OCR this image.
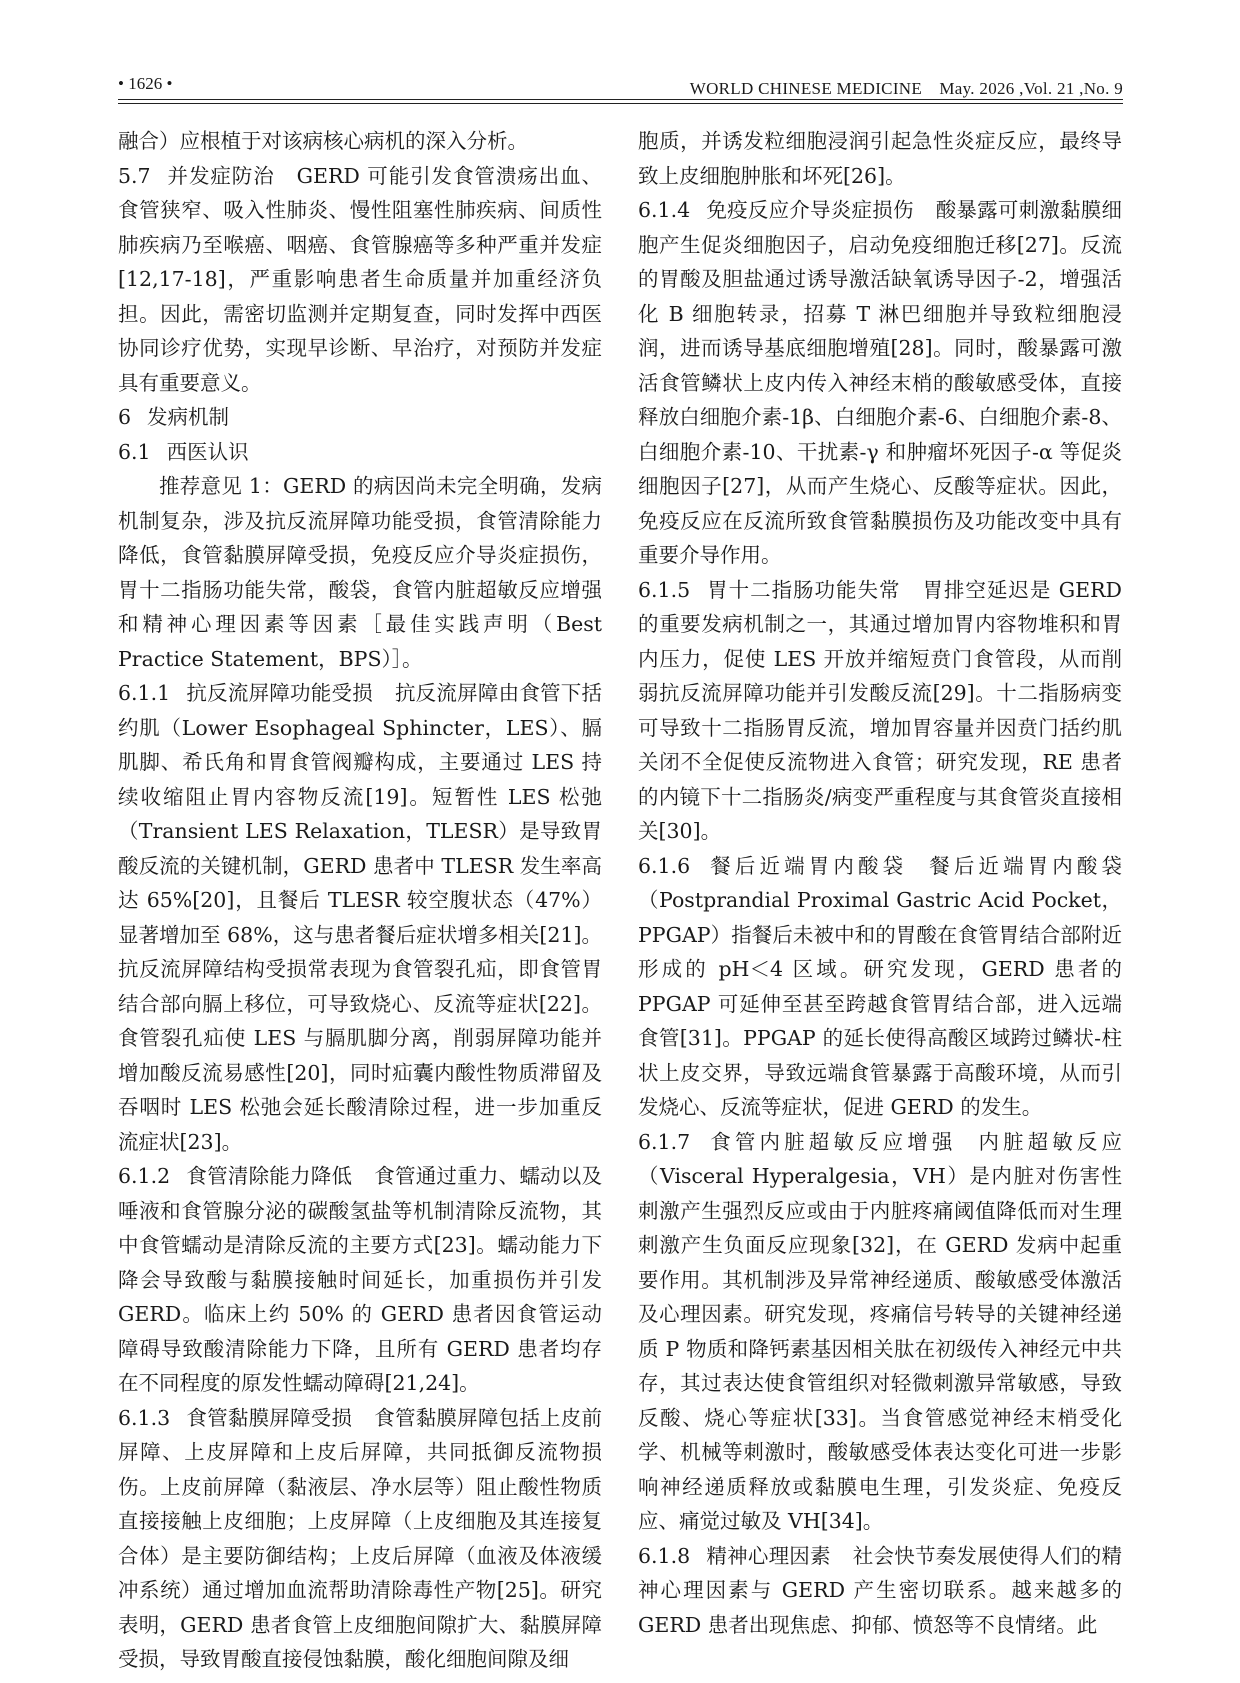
• 1626 •	WORLD CHINESE MEDICINE　May. 2026 ,Vol. 21 ,No. 9

融合）应根植于对该病核心病机的深入分析。

5.7 并发症防治 GERD 可能引发食管溃疡出血、食管狭窄、吸入性肺炎、慢性阻塞性肺疾病、间质性肺疾病乃至喉癌、咽癌、食管腺癌等多种严重并发症[12,17-18]，严重影响患者生命质量并加重经济负担。因此，需密切监测并定期复查，同时发挥中西医协同诊疗优势，实现早诊断、早治疗，对预防并发症具有重要意义。

6 发病机制

6.1 西医认识

推荐意见 1：GERD 的病因尚未完全明确，发病机制复杂，涉及抗反流屏障功能受损，食管清除能力降低，食管黏膜屏障受损，免疫反应介导炎症损伤，胃十二指肠功能失常，酸袋，食管内脏超敏反应增强和精神心理因素等因素［最佳实践声明（Best Practice Statement，BPS）］。

6.1.1 抗反流屏障功能受损 抗反流屏障由食管下括约肌（Lower Esophageal Sphincter，LES）、膈肌脚、希氏角和胃食管阀瓣构成，主要通过 LES 持续收缩阻止胃内容物反流[19]。短暂性 LES 松弛（Transient LES Relaxation，TLESR）是导致胃酸反流的关键机制，GERD 患者中 TLESR 发生率高达 65%[20]，且餐后 TLESR 较空腹状态（47%）显著增加至 68%，这与患者餐后症状增多相关[21]。抗反流屏障结构受损常表现为食管裂孔疝，即食管胃结合部向膈上移位，可导致烧心、反流等症状[22]。食管裂孔疝使 LES 与膈肌脚分离，削弱屏障功能并增加酸反流易感性[20]，同时疝囊内酸性物质滞留及吞咽时 LES 松弛会延长酸清除过程，进一步加重反流症状[23]。

6.1.2 食管清除能力降低 食管通过重力、蠕动以及唾液和食管腺分泌的碳酸氢盐等机制清除反流物，其中食管蠕动是清除反流的主要方式[23]。蠕动能力下降会导致酸与黏膜接触时间延长，加重损伤并引发 GERD。临床上约 50% 的 GERD 患者因食管运动障碍导致酸清除能力下降，且所有 GERD 患者均存在不同程度的原发性蠕动障碍[21,24]。

6.1.3 食管黏膜屏障受损 食管黏膜屏障包括上皮前屏障、上皮屏障和上皮后屏障，共同抵御反流物损伤。上皮前屏障（黏液层、净水层等）阻止酸性物质直接接触上皮细胞；上皮屏障（上皮细胞及其连接复合体）是主要防御结构；上皮后屏障（血液及体液缓冲系统）通过增加血流帮助清除毒性产物[25]。研究表明，GERD 患者食管上皮细胞间隙扩大、黏膜屏障受损，导致胃酸直接侵蚀黏膜，酸化细胞间隙及细

胞质，并诱发粒细胞浸润引起急性炎症反应，最终导致上皮细胞肿胀和坏死[26]。

6.1.4 免疫反应介导炎症损伤 酸暴露可刺激黏膜细胞产生促炎细胞因子，启动免疫细胞迁移[27]。反流的胃酸及胆盐通过诱导激活缺氧诱导因子-2，增强活化 B 细胞转录，招募 T 淋巴细胞并导致粒细胞浸润，进而诱导基底细胞增殖[28]。同时，酸暴露可激活食管鳞状上皮内传入神经末梢的酸敏感受体，直接释放白细胞介素-1β、白细胞介素-6、白细胞介素-8、白细胞介素-10、干扰素-γ 和肿瘤坏死因子-α 等促炎细胞因子[27]，从而产生烧心、反酸等症状。因此，免疫反应在反流所致食管黏膜损伤及功能改变中具有重要介导作用。

6.1.5 胃十二指肠功能失常 胃排空延迟是 GERD 的重要发病机制之一，其通过增加胃内容物堆积和胃内压力，促使 LES 开放并缩短贲门食管段，从而削弱抗反流屏障功能并引发酸反流[29]。十二指肠病变可导致十二指肠胃反流，增加胃容量并因贲门括约肌关闭不全促使反流物进入食管；研究发现，RE 患者的内镜下十二指肠炎/病变严重程度与其食管炎直接相关[30]。

6.1.6 餐后近端胃内酸袋 餐后近端胃内酸袋（Postprandial Proximal Gastric Acid Pocket，PPGAP）指餐后未被中和的胃酸在食管胃结合部附近形成的 pH＜4 区域。研究发现，GERD 患者的 PPGAP 可延伸至甚至跨越食管胃结合部，进入远端食管[31]。PPGAP 的延长使得高酸区域跨过鳞状-柱状上皮交界，导致远端食管暴露于高酸环境，从而引发烧心、反流等症状，促进 GERD 的发生。

6.1.7 食管内脏超敏反应增强 内脏超敏反应（Visceral Hyperalgesia，VH）是内脏对伤害性刺激产生强烈反应或由于内脏疼痛阈值降低而对生理刺激产生负面反应现象[32]，在 GERD 发病中起重要作用。其机制涉及异常神经递质、酸敏感受体激活及心理因素。研究发现，疼痛信号转导的关键神经递质 P 物质和降钙素基因相关肽在初级传入神经元中共存，其过表达使食管组织对轻微刺激异常敏感，导致反酸、烧心等症状[33]。当食管感觉神经末梢受化学、机械等刺激时，酸敏感受体表达变化可进一步影响神经递质释放或黏膜电生理，引发炎症、免疫反应、痛觉过敏及 VH[34]。

6.1.8 精神心理因素 社会快节奏发展使得人们的精神心理因素与 GERD 产生密切联系。越来越多的 GERD 患者出现焦虑、抑郁、愤怒等不良情绪。此
